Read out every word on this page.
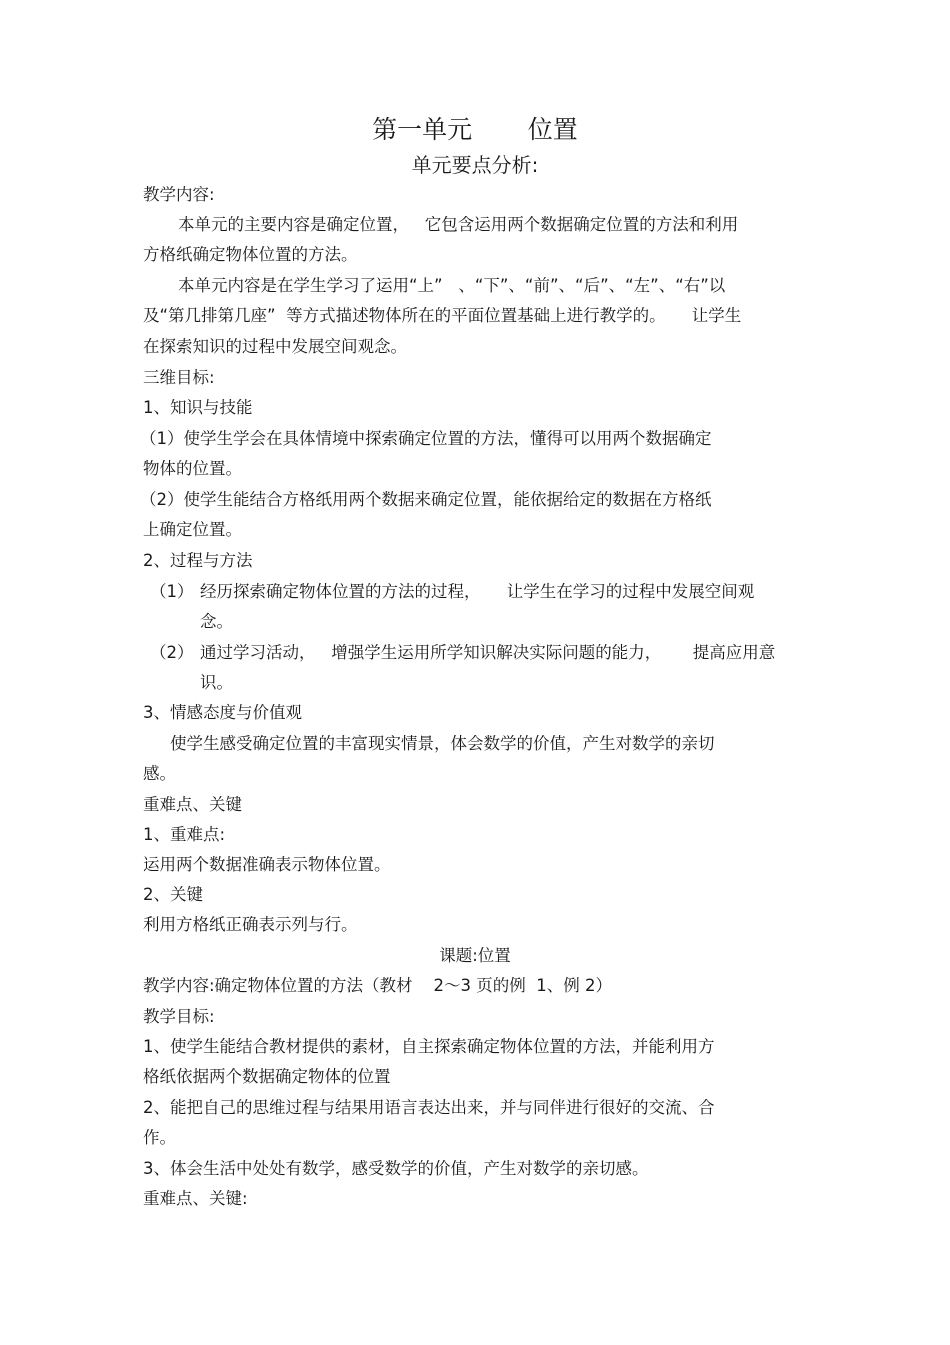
第一单元       位置
单元要点分析:
教学内容:
本单元的主要内容是确定位置，   它包含运用两个数据确定位置的方法和利用
方格纸确定物体位置的方法。
本单元内容是在学生学习了运用“上”   、“下”、“前”、“后”、“左”、“右”以
及“第几排第几座”  等方式描述物体所在的平面位置基础上进行教学的。     让学生
在探索知识的过程中发展空间观念。
三维目标:
1、知识与技能
（1）使学生学会在具体情境中探索确定位置的方法，懂得可以用两个数据确定
物体的位置。
（2）使学生能结合方格纸用两个数据来确定位置，能依据给定的数据在方格纸
上确定位置。
2、过程与方法
（1） 经历探索确定物体位置的方法的过程，     让学生在学习的过程中发展空间观
念。
（2） 通过学习活动，   增强学生运用所学知识解决实际问题的能力，      提高应用意
识。
3、情感态度与价值观
使学生感受确定位置的丰富现实情景，体会数学的价值，产生对数学的亲切
感。
重难点、关键
1、重难点:
运用两个数据准确表示物体位置。
2、关键
利用方格纸正确表示列与行。
课题:位置
教学内容:确定物体位置的方法（教材    2～3 页的例  1、例 2）
教学目标:
1、使学生能结合教材提供的素材，自主探索确定物体位置的方法，并能利用方
格纸依据两个数据确定物体的位置
2、能把自己的思维过程与结果用语言表达出来，并与同伴进行很好的交流、合
作。
3、体会生活中处处有数学，感受数学的价值，产生对数学的亲切感。
重难点、关键:
